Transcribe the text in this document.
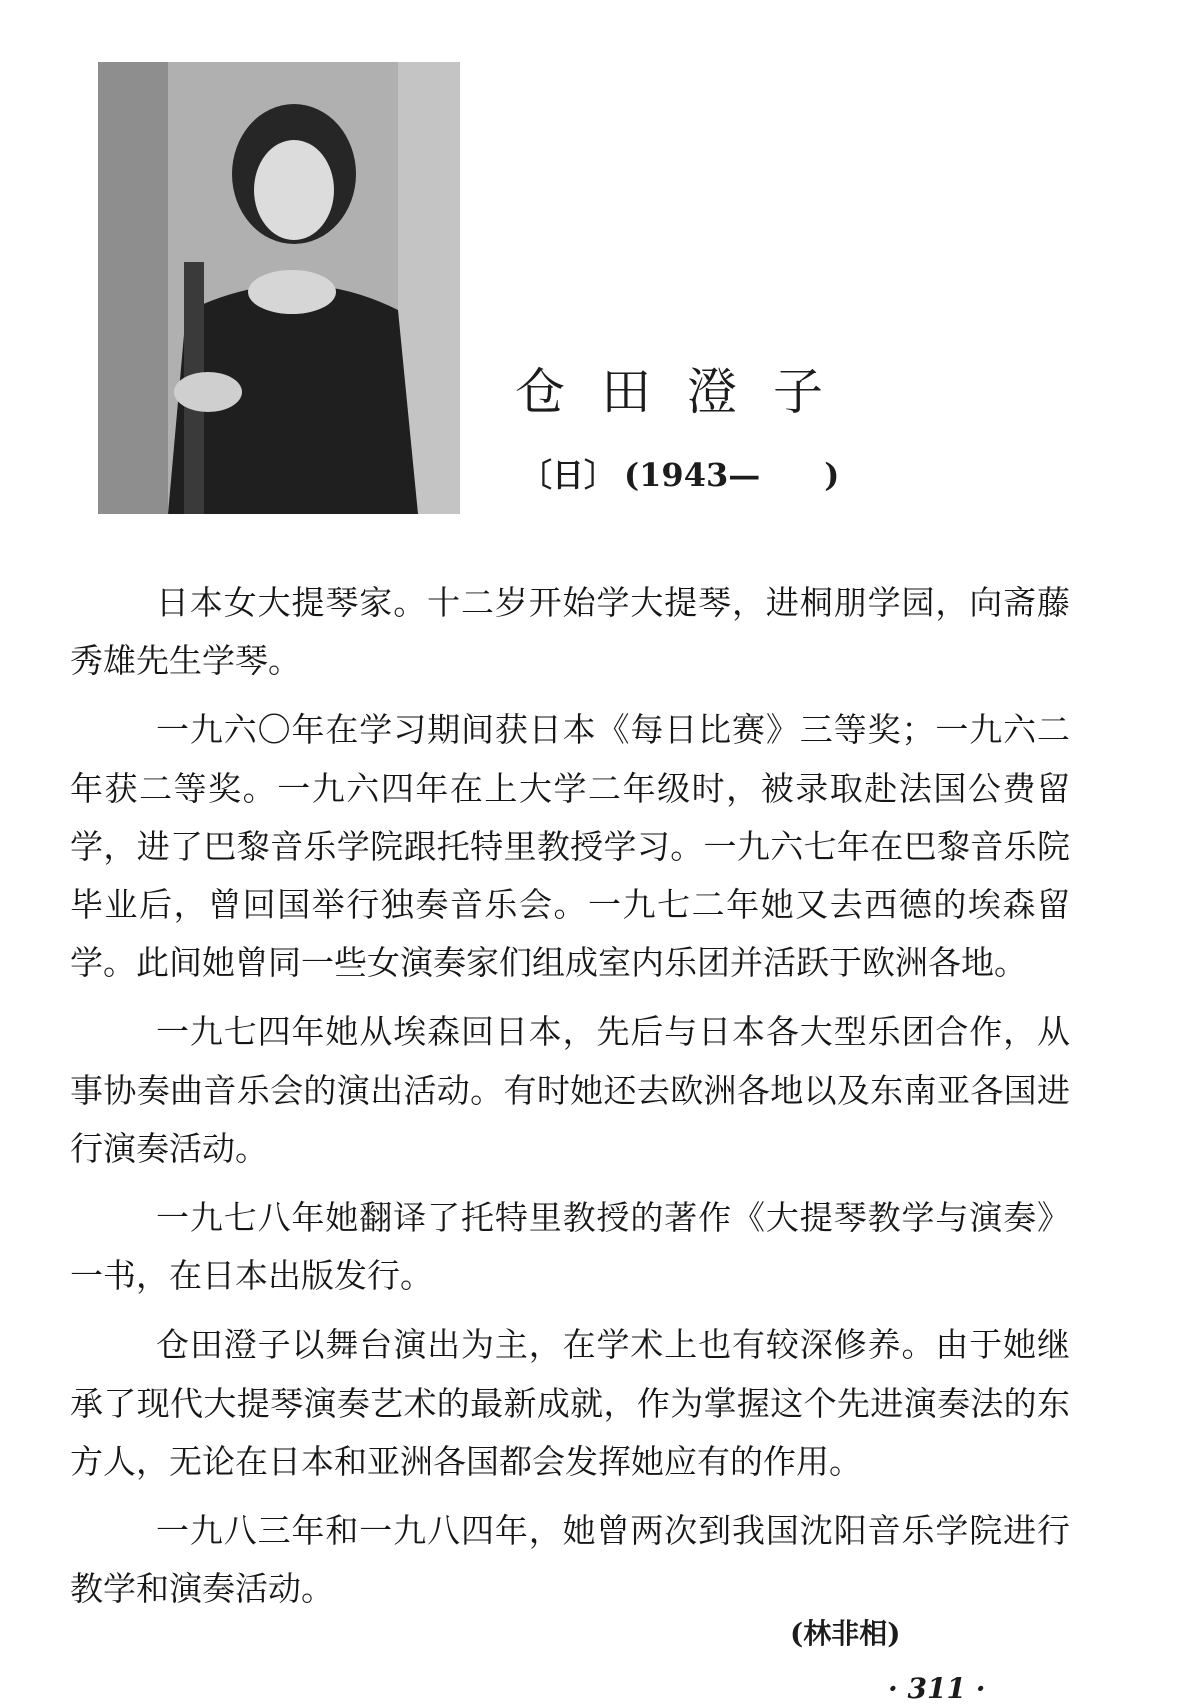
仓田澄子
〔日〕 (1943—　　)

日本女大提琴家。十二岁开始学大提琴，进桐朋学园，向斋藤秀雄先生学琴。

一九六〇年在学习期间获日本《每日比赛》三等奖；一九六二年获二等奖。一九六四年在上大学二年级时，被录取赴法国公费留学，进了巴黎音乐学院跟托特里教授学习。一九六七年在巴黎音乐院毕业后，曾回国举行独奏音乐会。一九七二年她又去西德的埃森留学。此间她曾同一些女演奏家们组成室内乐团并活跃于欧洲各地。

一九七四年她从埃森回日本，先后与日本各大型乐团合作，从事协奏曲音乐会的演出活动。有时她还去欧洲各地以及东南亚各国进行演奏活动。

一九七八年她翻译了托特里教授的著作《大提琴教学与演奏》一书，在日本出版发行。

仓田澄子以舞台演出为主，在学术上也有较深修养。由于她继承了现代大提琴演奏艺术的最新成就，作为掌握这个先进演奏法的东方人，无论在日本和亚洲各国都会发挥她应有的作用。

一九八三年和一九八四年，她曾两次到我国沈阳音乐学院进行教学和演奏活动。

(林非相)
· 311 ·
